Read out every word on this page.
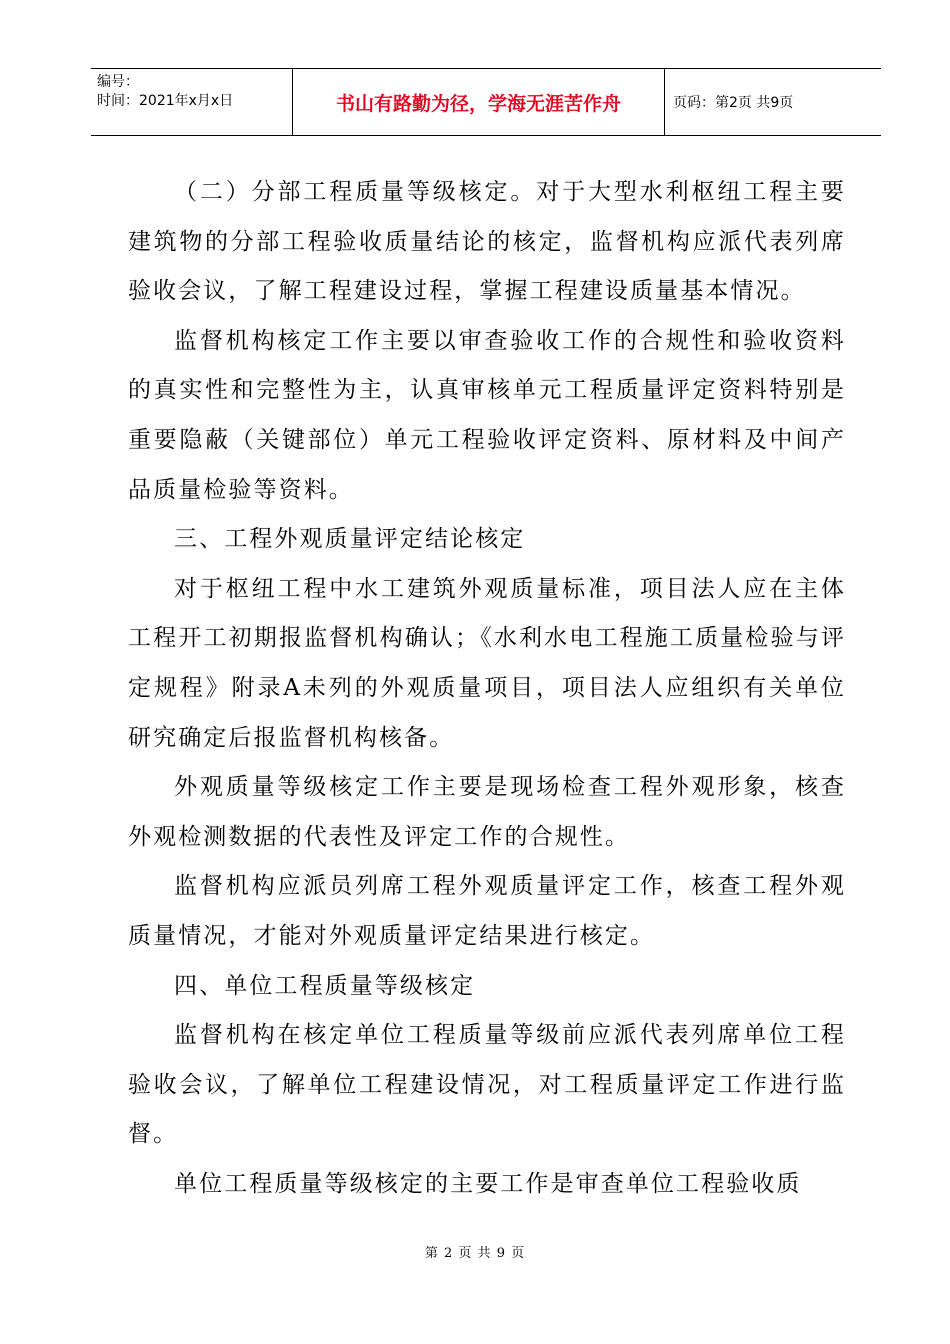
编号：
时间：2021年x月x日	书山有路勤为径，学海无涯苦作舟	页码：第2页 共9页

（二）分部工程质量等级核定。对于大型水利枢纽工程主要建筑物的分部工程验收质量结论的核定，监督机构应派代表列席验收会议，了解工程建设过程，掌握工程建设质量基本情况。

监督机构核定工作主要以审查验收工作的合规性和验收资料的真实性和完整性为主，认真审核单元工程质量评定资料特别是重要隐蔽（关键部位）单元工程验收评定资料、原材料及中间产品质量检验等资料。

三、工程外观质量评定结论核定

对于枢纽工程中水工建筑外观质量标准，项目法人应在主体工程开工初期报监督机构确认；《水利水电工程施工质量检验与评定规程》附录A未列的外观质量项目，项目法人应组织有关单位研究确定后报监督机构核备。

外观质量等级核定工作主要是现场检查工程外观形象，核查外观检测数据的代表性及评定工作的合规性。

监督机构应派员列席工程外观质量评定工作，核查工程外观质量情况，才能对外观质量评定结果进行核定。

四、单位工程质量等级核定

监督机构在核定单位工程质量等级前应派代表列席单位工程验收会议，了解单位工程建设情况，对工程质量评定工作进行监督。

单位工程质量等级核定的主要工作是审查单位工程验收质

第 2 页 共 9 页
